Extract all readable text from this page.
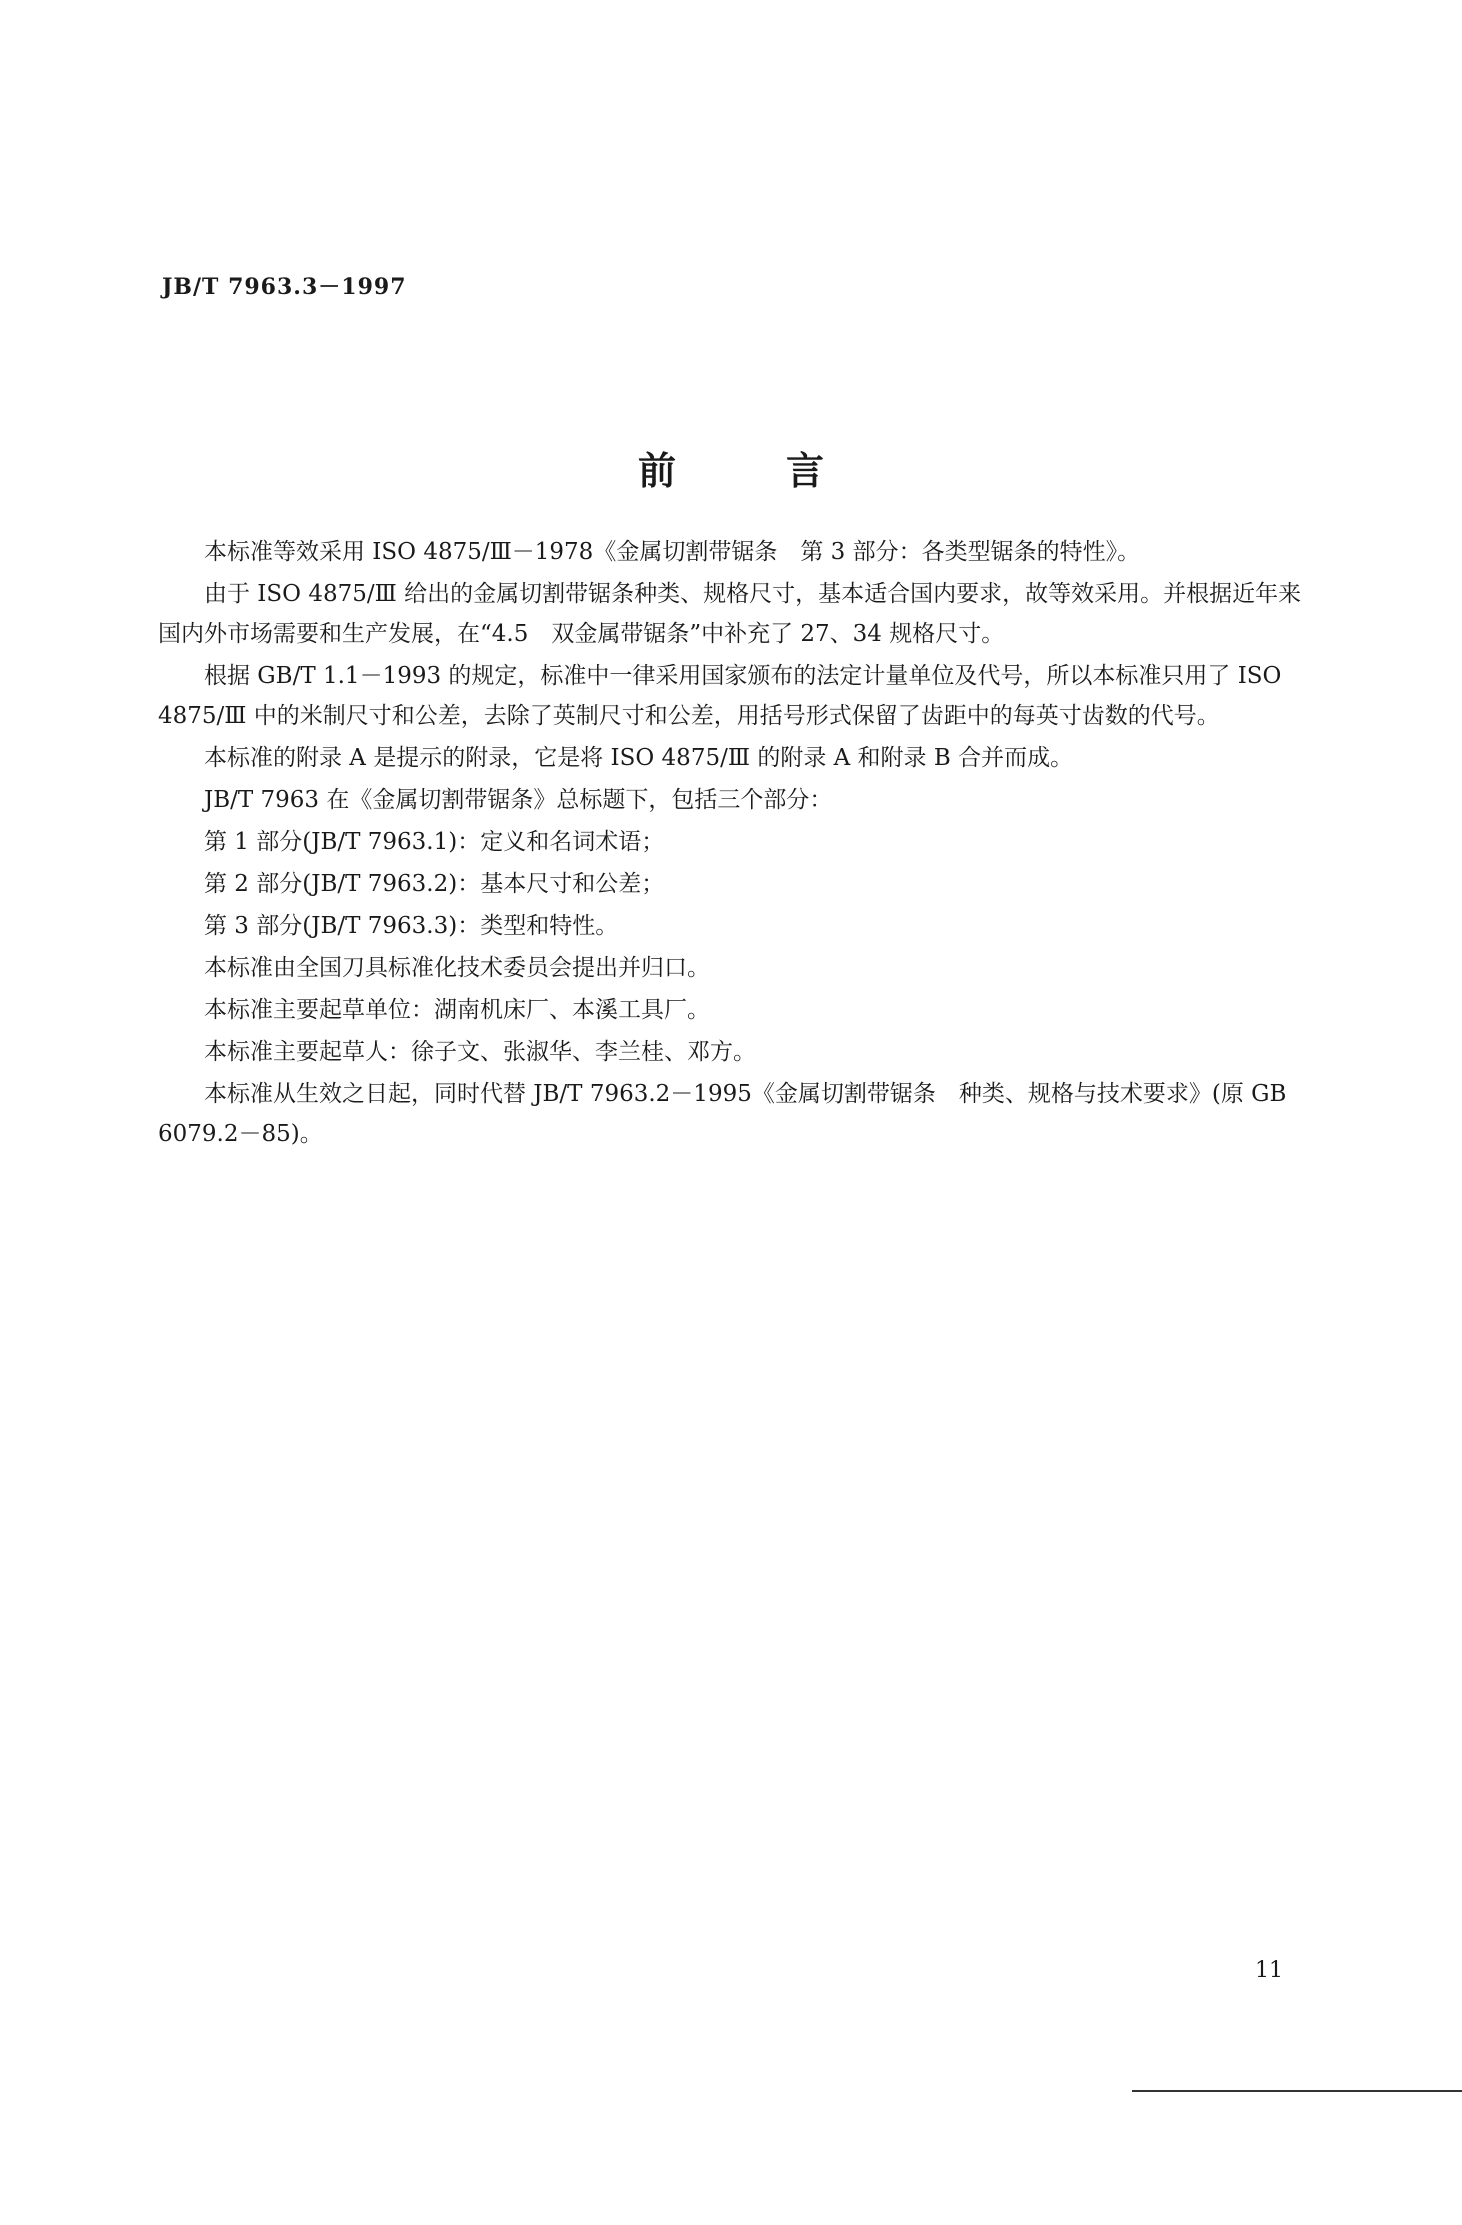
JB/T 7963.3－1997
前言

本标准等效采用 ISO 4875/Ⅲ－1978《金属切割带锯条　第 3 部分：各类型锯条的特性》。

由于 ISO 4875/Ⅲ 给出的金属切割带锯条种类、规格尺寸，基本适合国内要求，故等效采用。并根据近年来国内外市场需要和生产发展，在“4.5　双金属带锯条”中补充了 27、34 规格尺寸。

根据 GB/T 1.1－1993 的规定，标准中一律采用国家颁布的法定计量单位及代号，所以本标准只用了 ISO 4875/Ⅲ 中的米制尺寸和公差，去除了英制尺寸和公差，用括号形式保留了齿距中的每英寸齿数的代号。

本标准的附录 A 是提示的附录，它是将 ISO 4875/Ⅲ 的附录 A 和附录 B 合并而成。

JB/T 7963 在《金属切割带锯条》总标题下，包括三个部分：

第 1 部分(JB/T 7963.1)：定义和名词术语；

第 2 部分(JB/T 7963.2)：基本尺寸和公差；

第 3 部分(JB/T 7963.3)：类型和特性。

本标准由全国刀具标准化技术委员会提出并归口。

本标准主要起草单位：湖南机床厂、本溪工具厂。

本标准主要起草人：徐子文、张淑华、李兰桂、邓方。

本标准从生效之日起，同时代替 JB/T 7963.2－1995《金属切割带锯条　种类、规格与技术要求》(原 GB 6079.2－85)。

11
